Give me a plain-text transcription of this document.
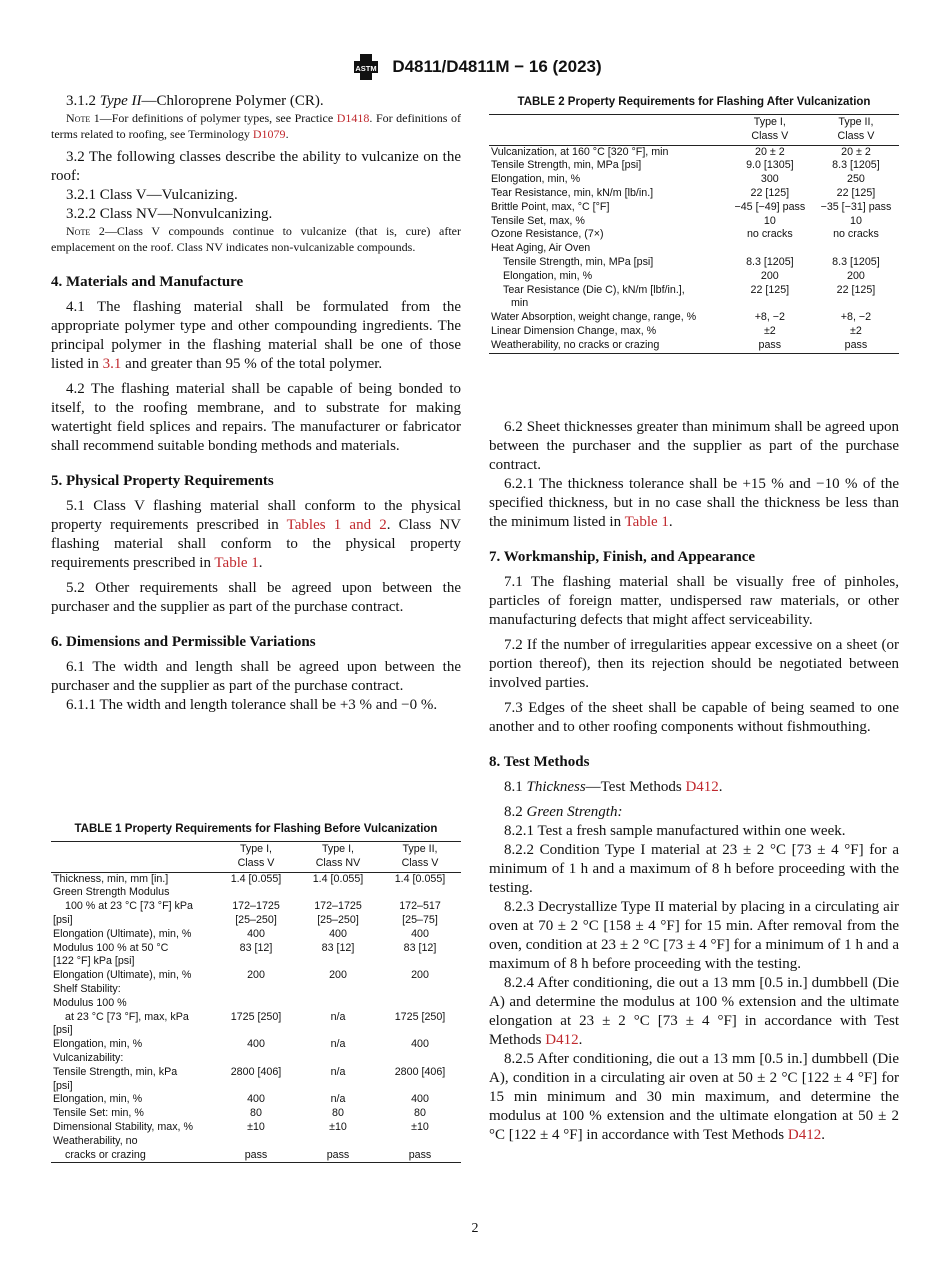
ASTM D4811/D4811M − 16 (2023)

3.1.2 Type II—Chloroprene Polymer (CR).

Note 1—For definitions of polymer types, see Practice D1418. For definitions of terms related to roofing, see Terminology D1079.

3.2 The following classes describe the ability to vulcanize on the roof:

3.2.1 Class V—Vulcanizing.

3.2.2 Class NV—Nonvulcanizing.

Note 2—Class V compounds continue to vulcanize (that is, cure) after emplacement on the roof. Class NV indicates non-vulcanizable compounds.

4. Materials and Manufacture

4.1 The flashing material shall be formulated from the appropriate polymer type and other compounding ingredients. The principal polymer in the flashing material shall be one of those listed in 3.1 and greater than 95 % of the total polymer.

4.2 The flashing material shall be capable of being bonded to itself, to the roofing membrane, and to substrate for making watertight field splices and repairs. The manufacturer or fabricator shall recommend suitable bonding methods and materials.

5. Physical Property Requirements

5.1 Class V flashing material shall conform to the physical property requirements prescribed in Tables 1 and 2. Class NV flashing material shall conform to the physical property requirements prescribed in Table 1.

5.2 Other requirements shall be agreed upon between the purchaser and the supplier as part of the purchase contract.

6. Dimensions and Permissible Variations

6.1 The width and length shall be agreed upon between the purchaser and the supplier as part of the purchase contract.

6.1.1 The width and length tolerance shall be +3 % and −0 %.

TABLE 2 Property Requirements for Flashing After Vulcanization
	Type I,
Class V	Type II,
Class V
Vulcanization, at 160 °C [320 °F], min	20 ± 2	20 ± 2
Tensile Strength, min, MPa [psi]	9.0 [1305]	8.3 [1205]
Elongation, min, %	300	250
Tear Resistance, min, kN/m [lb/in.]	22 [125]	22 [125]
Brittle Point, max, °C [°F]	−45 [−49] pass	−35 [−31] pass
Tensile Set, max, %	10	10
Ozone Resistance, (7×)	no cracks	no cracks
Heat Aging, Air Oven		
Tensile Strength, min, MPa [psi]	8.3 [1205]	8.3 [1205]
Elongation, min, %	200	200
Tear Resistance (Die C), kN/m [lbf/in.],	22 [125]	22 [125]
min		
Water Absorption, weight change, range, %	+8, −2	+8, −2
Linear Dimension Change, max, %	±2	±2
Weatherability, no cracks or crazing	pass	pass

6.2 Sheet thicknesses greater than minimum shall be agreed upon between the purchaser and the supplier as part of the purchase contract.

6.2.1 The thickness tolerance shall be +15 % and −10 % of the specified thickness, but in no case shall the thickness be less than the minimum listed in Table 1.

7. Workmanship, Finish, and Appearance

7.1 The flashing material shall be visually free of pinholes, particles of foreign matter, undispersed raw materials, or other manufacturing defects that might affect serviceability.

7.2 If the number of irregularities appear excessive on a sheet (or portion thereof), then its rejection should be negotiated between involved parties.

7.3 Edges of the sheet shall be capable of being seamed to one another and to other roofing components without fishmouthing.

8. Test Methods

8.1 Thickness—Test Methods D412.

8.2 Green Strength:

8.2.1 Test a fresh sample manufactured within one week.

8.2.2 Condition Type I material at 23 ± 2 °C [73 ± 4 °F] for a minimum of 1 h and a maximum of 8 h before proceeding with the testing.

8.2.3 Decrystallize Type II material by placing in a circulating air oven at 70 ± 2 °C [158 ± 4 °F] for 15 min. After removal from the oven, condition at 23 ± 2 °C [73 ± 4 °F] for a minimum of 1 h and a maximum of 8 h before proceeding with the testing.

8.2.4 After conditioning, die out a 13 mm [0.5 in.] dumbbell (Die A) and determine the modulus at 100 % extension and the ultimate elongation at 23 ± 2 °C [73 ± 4 °F] in accordance with Test Methods D412.

8.2.5 After conditioning, die out a 13 mm [0.5 in.] dumbbell (Die A), condition in a circulating air oven at 50 ± 2 °C [122 ± 4 °F] for 15 min minimum and 30 min maximum, and determine the modulus at 100 % extension and the ultimate elongation at 50 ± 2 °C [122 ± 4 °F] in accordance with Test Methods D412.

TABLE 1 Property Requirements for Flashing Before Vulcanization
	Type I,
Class V	Type I,
Class NV	Type II,
Class V
Thickness, min, mm [in.]	1.4 [0.055]	1.4 [0.055]	1.4 [0.055]
Green Strength Modulus			
100 % at 23 °C [73 °F] kPa	172–1725	172–1725	172–517
[psi]	[25–250]	[25–250]	[25–75]
Elongation (Ultimate), min, %	400	400	400
Modulus 100 % at 50 °C	83 [12]	83 [12]	83 [12]
[122 °F] kPa [psi]			
Elongation (Ultimate), min, %	200	200	200
Shelf Stability:			
Modulus 100 %			
at 23 °C [73 °F], max, kPa	1725 [250]	n/a	1725 [250]
[psi]			
Elongation, min, %	400	n/a	400
Vulcanizability:			
Tensile Strength, min, kPa	2800 [406]	n/a	2800 [406]
[psi]			
Elongation, min, %	400	n/a	400
Tensile Set: min, %	80	80	80
Dimensional Stability, max, %	±10	±10	±10
Weatherability, no			
cracks or crazing	pass	pass	pass
2
